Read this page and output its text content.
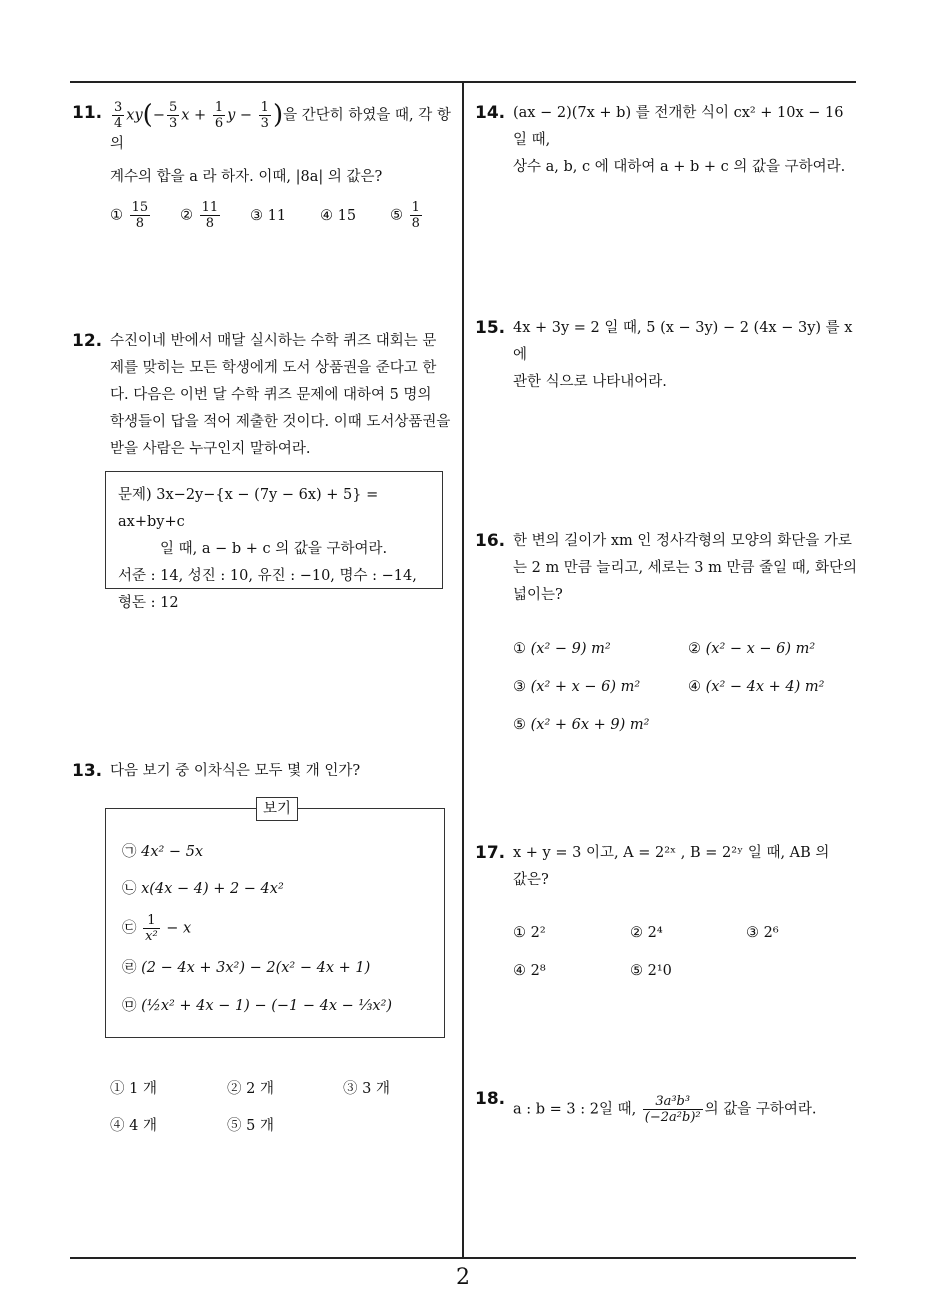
11. $\frac{3}{4} xy(- \frac{5}{3}$ $x + \frac{1}{6}$ $y - \frac{1}{3}$ )을 간단히 하였을 때, 각 항의
계수의 합을 a 라 하자. 이때, |8a| 의 값은?
① $\frac{15}{8}$ ② $\frac{11}{8}$ ③ 11 ④ 15 ⑤ $\frac{1}{8}$
12. 수진이네 반에서 매달 실시하는 수학 퀴즈 대회는 문
제를 맞히는 모든 학생에게 도서 상품권을 준다고 한
다. 다음은 이번 달 수학 퀴즈 문제에 대하여 5 명의
학생들이 답을 적어 제출한 것이다. 이때 도서상품권을
받을 사람은 누구인지 말하여라.
문제) 3x−2y−{x − (7y − 6x) + 5} = ax+by+c
일 때, a − b + c 의 값을 구하여라.
서준 : 14, 성진 : 10, 유진 : −10, 명수 : −14,
형돈 : 12
13. 다음 보기 중 이차식은 모두 몇 개 인가?
㉠ 4x² − 5x
㉡ x(4x − 4) + 2 − 4x²
㉢ $\frac{1}{\text{x²}} - x$
㉣ (2 − 4x + 3x²) − 2(x² − 4x + 1)
㉤ (½x² + 4x − 1) − (−1 − 4x − ⅓x²)
보기
① 1 개	② 2 개	③ 3 개
④ 4 개	⑤ 5 개
14. (ax − 2)(7x + b) 를 전개한 식이 cx² + 10x − 16 일 때,
상수 a, b, c 에 대하여 a + b + c 의 값을 구하여라.
15. 4x + 3y = 2 일 때, 5 (x − 3y) − 2 (4x − 3y) 를 x 에
관한 식으로 나타내어라.
16. 한 변의 길이가 xm 인 정사각형의 모양의 화단을 가로
는 2 m 만큼 늘리고, 세로는 3 m 만큼 줄일 때, 화단의
넓이는?
① (x² − 9) m²	② (x² − x − 6) m²
③ (x² + x − 6) m²	④ (x² − 4x + 4) m²
⑤ (x² + 6x + 9) m²
17. x + y = 3 이고, A = 2²ˣ , B = 2²ʸ 일 때, AB 의
값은?
① 2²	② 2⁴	③ 2⁶
④ 2⁸	⑤ 2¹0
18.
a : b = 3 : 2일 때, $\frac{\text{3a³b³}}{\text{(−2a²b)²}}$ 의 값을 구하여라.
2
